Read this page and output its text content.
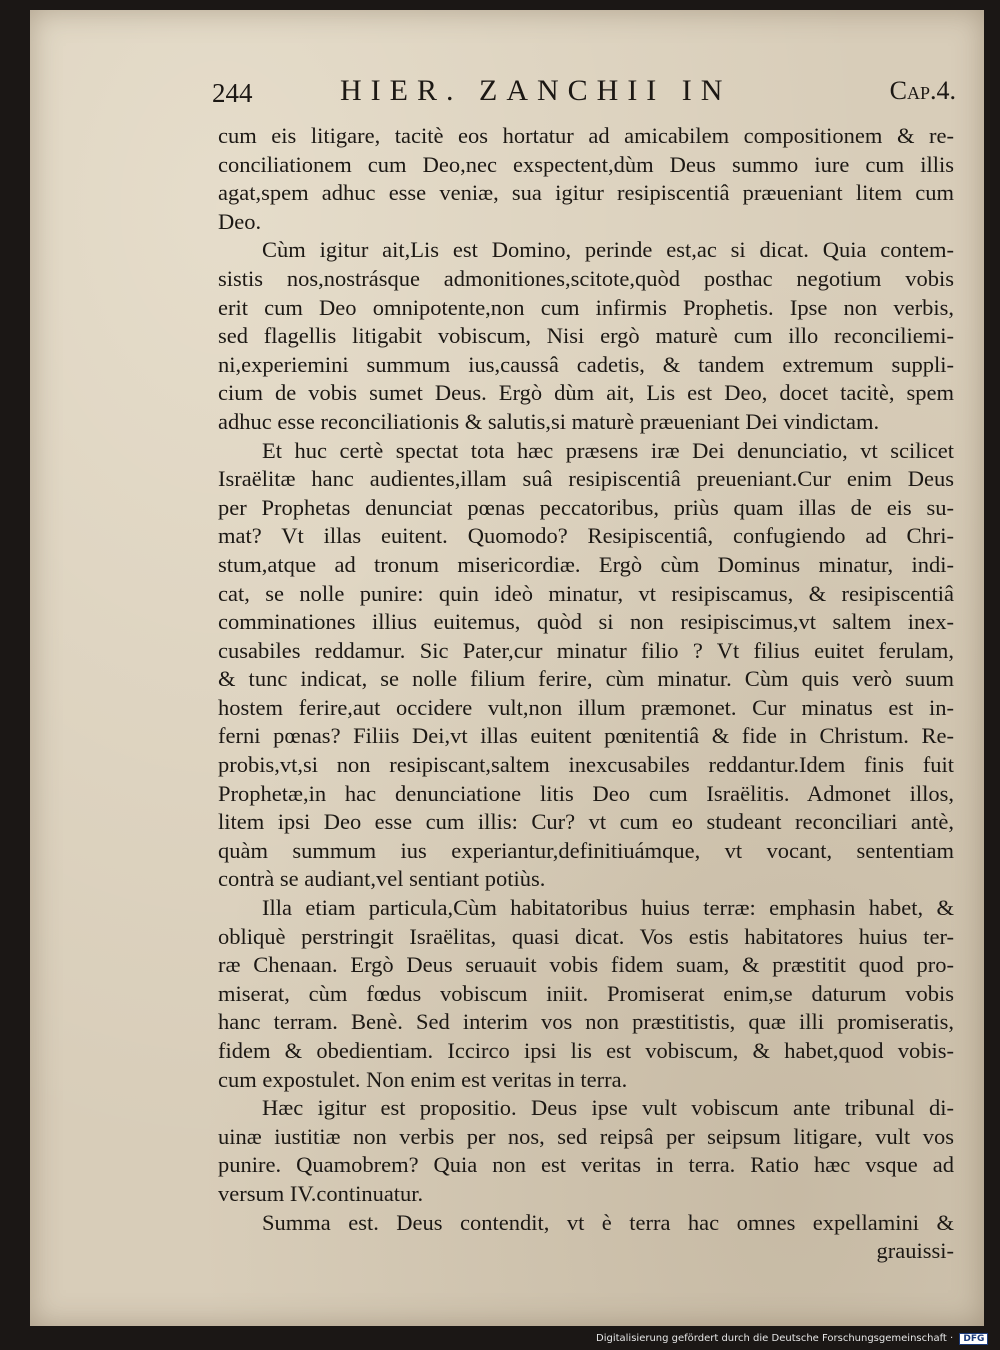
244	HIER. ZANCHII IN	Cap.4.
cum eis litigare, tacitè eos hortatur ad amicabilem compositionem & re-
conciliationem cum Deo,nec exspectent,dùm Deus summo iure cum illis
agat,spem adhuc esse veniæ, sua igitur resipiscentiâ præueniant litem cum
Deo.
Cùm igitur ait,Lis est Domino, perinde est,ac si dicat. Quia contem-
sistis nos,nostrásque admonitiones,scitote,quòd posthac negotium vobis
erit cum Deo omnipotente,non cum infirmis Prophetis. Ipse non verbis,
sed flagellis litigabit vobiscum, Nisi ergò maturè cum illo reconciliemi-
ni,experiemini summum ius,caussâ cadetis, & tandem extremum suppli-
cium de vobis sumet Deus. Ergò dùm ait, Lis est Deo, docet tacitè, spem
adhuc esse reconciliationis & salutis,si maturè præueniant Dei vindictam.
Et huc certè spectat tota hæc præsens iræ Dei denunciatio, vt scilicet
Israëlitæ hanc audientes,illam suâ resipiscentiâ preueniant.Cur enim Deus
per Prophetas denunciat pœnas peccatoribus, priùs quam illas de eis su-
mat? Vt illas euitent. Quomodo? Resipiscentiâ, confugiendo ad Chri-
stum,atque ad tronum misericordiæ. Ergò cùm Dominus minatur, indi-
cat, se nolle punire: quin ideò minatur, vt resipiscamus, & resipiscentiâ
comminationes illius euitemus, quòd si non resipiscimus,vt saltem inex-
cusabiles reddamur. Sic Pater,cur minatur filio ? Vt filius euitet ferulam,
& tunc indicat, se nolle filium ferire, cùm minatur. Cùm quis verò suum
hostem ferire,aut occidere vult,non illum præmonet. Cur minatus est in-
ferni pœnas? Filiis Dei,vt illas euitent pœnitentiâ & fide in Christum. Re-
probis,vt,si non resipiscant,saltem inexcusabiles reddantur.Idem finis fuit
Prophetæ,in hac denunciatione litis Deo cum Israëlitis. Admonet illos,
litem ipsi Deo esse cum illis: Cur? vt cum eo studeant reconciliari antè,
quàm summum ius experiantur,definitiuámque, vt vocant, sententiam
contrà se audiant,vel sentiant potiùs.
Illa etiam particula,Cùm habitatoribus huius terræ: emphasin habet, &
obliquè perstringit Israëlitas, quasi dicat. Vos estis habitatores huius ter-
ræ Chenaan. Ergò Deus seruauit vobis fidem suam, & præstitit quod pro-
miserat, cùm fœdus vobiscum iniit. Promiserat enim,se daturum vobis
hanc terram. Benè. Sed interim vos non præstitistis, quæ illi promiseratis,
fidem & obedientiam. Iccirco ipsi lis est vobiscum, & habet,quod vobis-
cum expostulet. Non enim est veritas in terra.
Hæc igitur est propositio. Deus ipse vult vobiscum ante tribunal di-
uinæ iustitiæ non verbis per nos, sed reipsâ per seipsum litigare, vult vos
punire. Quamobrem? Quia non est veritas in terra. Ratio hæc vsque ad
versum IV.continuatur.
Summa est. Deus contendit, vt è terra hac omnes expellamini &
grauissi-
Digitalisierung gefördert durch die Deutsche Forschungsgemeinschaft · DFG
